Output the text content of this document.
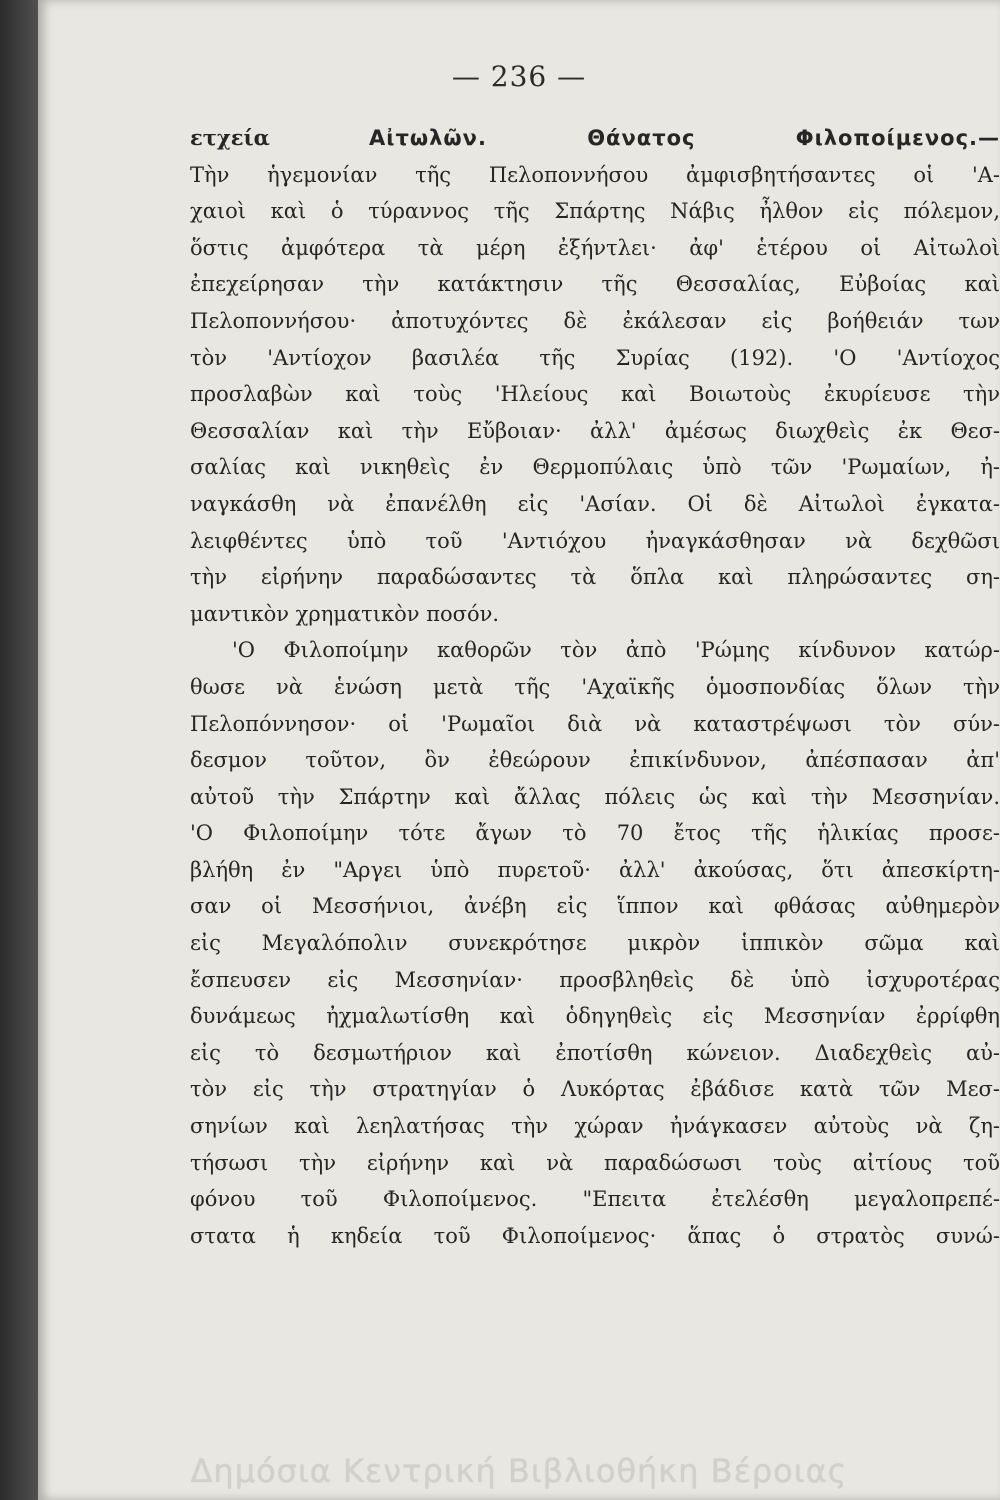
— 236 —
ετχεία Αἰτωλῶν. Θάνατος Φιλοποίμενος.—
Τὴν ἡγεμονίαν τῆς Πελοποννήσου ἀμφισβητήσαντες οἱ 'Α-
χαιοὶ καὶ ὁ τύραννος τῆς Σπάρτης Νάβις ἦλθον εἰς πόλεμον,
ὅστις ἀμφότερα τὰ μέρη ἐξήντλει· ἀφ' ἑτέρου οἱ Αἰτωλοὶ
ἐπεχείρησαν τὴν κατάκτησιν τῆς Θεσσαλίας, Εὐβοίας καὶ
Πελοποννήσου· ἀποτυχόντες δὲ ἐκάλεσαν εἰς βοήθειάν των
τὸν 'Αντίοχον βασιλέα τῆς Συρίας (192). 'Ο 'Αντίοχος
προσλαβὼν καὶ τοὺς 'Ηλείους καὶ Βοιωτοὺς ἐκυρίευσε τὴν
Θεσσαλίαν καὶ τὴν Εὔβοιαν· ἀλλ' ἀμέσως διωχθεὶς ἐκ Θεσ-
σαλίας καὶ νικηθεὶς ἐν Θερμοπύλαις ὑπὸ τῶν 'Ρωμαίων, ἠ-
ναγκάσθη νὰ ἐπανέλθη εἰς 'Ασίαν. Οἱ δὲ Αἰτωλοὶ ἐγκατα-
λειφθέντες ὑπὸ τοῦ 'Αντιόχου ἠναγκάσθησαν νὰ δεχθῶσι
τὴν εἰρήνην παραδώσαντες τὰ ὅπλα καὶ πληρώσαντες ση-
μαντικὸν χρηματικὸν ποσόν.
'Ο Φιλοποίμην καθορῶν τὸν ἀπὸ 'Ρώμης κίνδυνον κατώρ-
θωσε νὰ ἑνώση μετὰ τῆς 'Αχαϊκῆς ὁμοσπονδίας ὅλων τὴν
Πελοπόννησον· οἱ 'Ρωμαῖοι διὰ νὰ καταστρέψωσι τὸν σύν-
δεσμον τοῦτον, ὃν ἐθεώρουν ἐπικίνδυνον, ἀπέσπασαν ἀπ'
αὐτοῦ τὴν Σπάρτην καὶ ἄλλας πόλεις ὡς καὶ τὴν Μεσσηνίαν.
'Ο Φιλοποίμην τότε ἄγων τὸ 70 ἔτος τῆς ἡλικίας προσε-
βλήθη ἐν "Αργει ὑπὸ πυρετοῦ· ἀλλ' ἀκούσας, ὅτι ἀπεσκίρτη-
σαν οἱ Μεσσήνιοι, ἀνέβη εἰς ἵππον καὶ φθάσας αὐθημερὸν
εἰς Μεγαλόπολιν συνεκρότησε μικρὸν ἱππικὸν σῶμα καὶ
ἔσπευσεν εἰς Μεσσηνίαν· προσβληθεὶς δὲ ὑπὸ ἰσχυροτέρας
δυνάμεως ἠχμαλωτίσθη καὶ ὁδηγηθεὶς εἰς Μεσσηνίαν ἐρρίφθη
εἰς τὸ δεσμωτήριον καὶ ἐποτίσθη κώνειον. Διαδεχθεὶς αὐ-
τὸν εἰς τὴν στρατηγίαν ὁ Λυκόρτας ἐβάδισε κατὰ τῶν Μεσ-
σηνίων καὶ λεηλατήσας τὴν χώραν ἠνάγκασεν αὐτοὺς νὰ ζη-
τήσωσι τὴν εἰρήνην καὶ νὰ παραδώσωσι τοὺς αἰτίους τοῦ
φόνου τοῦ Φιλοποίμενος. "Επειτα ἐτελέσθη μεγαλοπρεπέ-
στατα ἡ κηδεία τοῦ Φιλοποίμενος· ἅπας ὁ στρατὸς συνώ-
Δημόσια Κεντρική Βιβλιοθήκη Βέροιας
